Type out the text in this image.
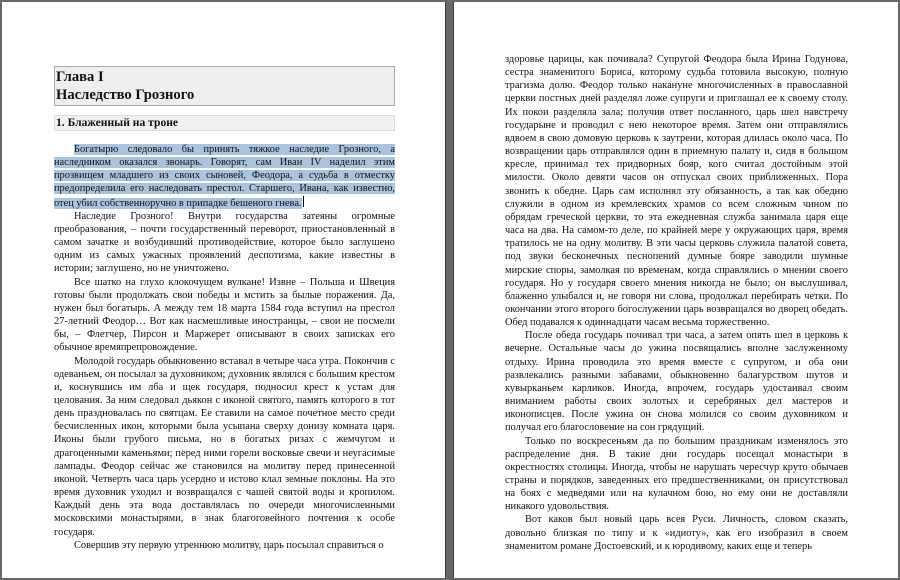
Глава I
Наследство Грозного
1. Блаженный на троне

Богатырю следовало бы принять тяжкое наследие Грозного, а наследником оказался звонарь. Говорят, сам Иван IV наделил этим прозвищем младшего из своих сыновей, Феодора, а судьба в отместку предопределила его наследовать престол. Старшего, Ивана, как известно, отец убил собственноручно в припадке бешеного гнева.

Наследие Грозного! Внутри государства затеяны огромные преобразования, – почти государственный переворот, приостановленный в самом зачатке и возбудивший противодействие, которое было заглушено одним из самых ужасных проявлений деспотизма, какие известны в истории; заглушено, но не уничтожено.

Все шатко на глухо клокочущем вулкане! Извне – Польша и Швеция готовы были продолжать свои победы и мстить за былые поражения. Да, нужен был богатырь. А между тем 18 марта 1584 года вступил на престол 27-летний Феодор… Вот как насмешливые иностранцы, – свои не посмели бы, – Флетчер, Пирсон и Маржерет описывают в своих записках его обычное времяпрепровождение.

Молодой государь обыкновенно вставал в четыре часа утра. Покончив с одеваньем, он посылал за духовником; духовник являлся с большим крестом и, коснувшись им лба и щек государя, подносил крест к устам для целования. За ним следовал дьякон с иконой святого, память которого в тот день праздновалась по святцам. Ее ставили на самое почетное место среди бесчисленных икон, которыми была усыпана сверху донизу комната царя. Иконы были грубого письма, но в богатых ризах с жемчугом и драгоценными каменьями; перед ними горели восковые свечи и неугасимые лампады. Феодор сейчас же становился на молитву перед принесенной иконой. Четверть часа царь усердно и истово клал земные поклоны. На это время духовник уходил и возвращался с чашей святой воды и кропилом. Каждый день эта вода доставлялась по очереди многочисленными московскими монастырями, в знак благоговейного почтения к особе государя.

Совершив эту первую утреннюю молитву, царь посылал справиться о

здоровье царицы, как почивала? Супругой Феодора была Ирина Годунова, сестра знаменитого Бориса, которому судьба готовила высокую, полную трагизма долю. Феодор только накануне многочисленных в православной церкви постных дней разделял ложе супруги и приглашал ее к своему столу. Их покои разделяла зала; получив ответ посланного, царь шел навстречу государыне и проводил с нею некоторое время. Затем они отправлялись вдвоем в свою домовую церковь к заутрени, которая длилась около часа. По возвращении царь отправлялся один в приемную палату и, сидя в большом кресле, принимал тех придворных бояр, кого считал достойным этой милости. Около девяти часов он отпускал своих приближенных. Пора звонить к обедне. Царь сам исполнял эту обязанность, а так как обедню служили в одном из кремлевских храмов со всем сложным чином по обрядам греческой церкви, то эта ежедневная служба занимала царя еще часа на два. На самом-то деле, по крайней мере у окружающих царя, время тратилось не на одну молитву. В эти часы церковь служила палатой совета, под звуки бесконечных песнопений думные бояре заводили шумные мирские споры, замолкая по временам, когда справлялись о мнении своего государя. Но у государя своего мнения никогда не было; он выслушивал, блаженно улыбался и, не говоря ни слова, продолжал перебирать четки. По окончании этого второго богослужении царь возвращался во дворец обедать. Обед подавался к одиннадцати часам весьма торжественно.

После обеда государь почивал три часа, а затем опять шел в церковь к вечерне. Остальные часы до ужина посвящались вполне заслуженному отдыху. Ирина проводила это время вместе с супругом, и оба они развлекались разными забавами, обыкновенно балагурством шутов и кувырканьем карликов. Иногда, впрочем, государь удостаивал своим вниманием работы своих золотых и серебряных дел мастеров и иконописцев. После ужина он снова молился со своим духовником и получал его благословение на сон грядущий.

Только по воскресеньям да по большим праздникам изменялось это распределение дня. В такие дни государь посещал монастыри в окрестностях столицы. Иногда, чтобы не нарушать чересчур круто обычаев страны и порядков, заведенных его предшественниками, он присутствовал на боях с медведями или на кулачном бою, но ему они не доставляли никакого удовольствия.

Вот каков был новый царь всея Руси. Личность, словом сказать, довольно близкая по типу и к «идиоту», как его изобразил в своем знаменитом романе Достоевский, и к юродивому, каких еще и теперь
